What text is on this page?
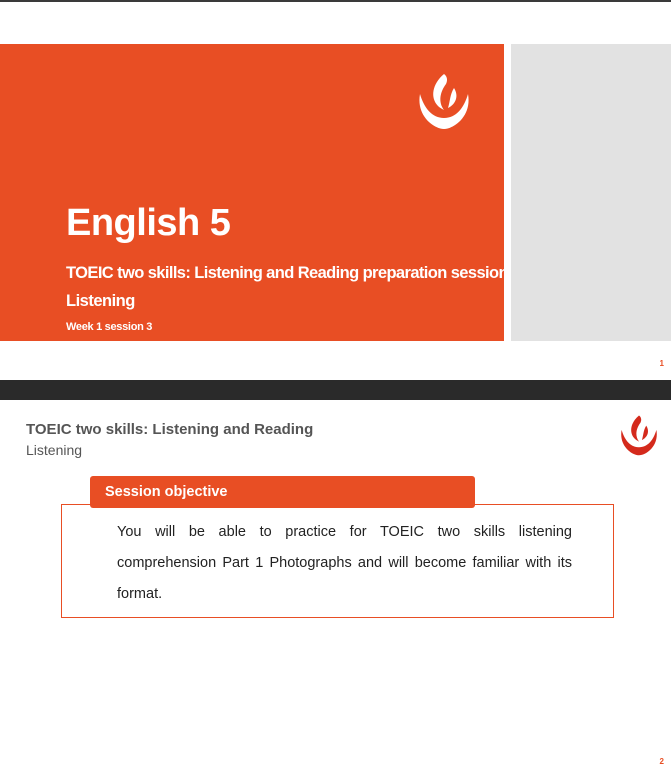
English 5
TOEIC two skills: Listening and Reading preparation session
Listening
Week 1 session 3
1
TOEIC two skills: Listening and Reading
Listening
You will be able to practice for TOEIC two skills listening comprehension Part 1 Photographs and will become familiar with its format.
Session objective
2
